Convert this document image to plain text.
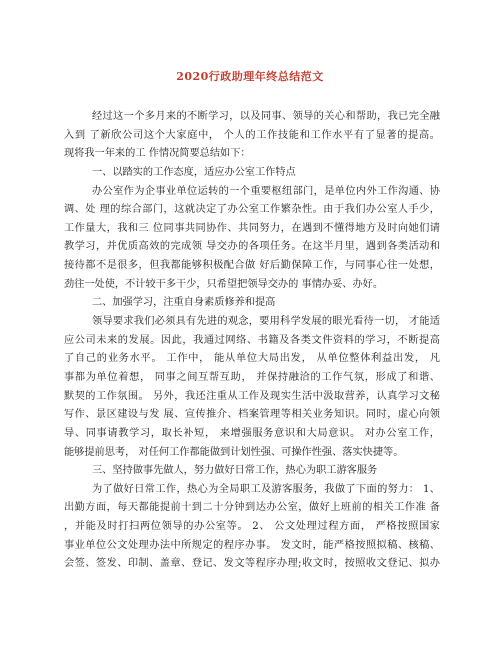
2020行政助理年终总结范文
经过这一个多月来的不断学习，以及同事、领导的关心和帮助，我已完全融
入到 了新欣公司这个大家庭中， 个人的工作技能和工作水平有了显著的提高。
现将我一年来的工 作情况简要总结如下：
一、以踏实的工作态度，适应办公室工作特点
办公室作为企事业单位运转的一个重要枢纽部门，是单位内外工作沟通、协
调、处 理的综合部门，这就决定了办公室工作繁杂性。由于我们办公室人手少，
工作量大，我和三 位同事共同协作、共同努力，在遇到不懂得地方及时向她们请
教学习，并优质高效的完成领 导交办的各项任务。在这半月里，遇到各类活动和
接待都不是很多，但我都能够积极配合做 好后勤保障工作，与同事心往一处想，
劲往一处使，不计较干多干少，只希望把领导交办的 事情办妥、办好。
二、加强学习，注重自身素质修养和提高
领导要求我们必须具有先进的观念，要用科学发展的眼光看待一切， 才能适
应公司未来的发展。因此，我通过网络、书籍及各类文件资料的学习，不断提高
了自己的业务水平。 工作中， 能从单位大局出发， 从单位整体利益出发， 凡
事都为单位着想， 同事之间互帮互助， 并保持融洽的工作气氛，形成了和谐、
默契的工作氛围。 另外，我还注重从工作及现实生活中汲取营养，认真学习文秘
写作、景区建设与发 展、宣传推介、档案管理等相关业务知识。同时，虚心向领
导、同事请教学习，取长补短， 来增强服务意识和大局意识。 对办公室工作，
能够提前思考， 对任何工作都能做到计划性强、可操作性强、落实快捷等。
三、坚持做事先做人，努力做好日常工作，热心为职工游客服务
为了做好日常工作，热心为全局职工及游客服务，我做了下面的努力： 1、
出勤方面，每天都能提前十到二十分钟到达办公室，做好上班前的相关工作准 备
，并能及时打扫两位领导的办公室等。 2、 公文处理过程方面， 严格按照国家
事业单位公文处理办法中所规定的程序办事。 发文时，能严格按照拟稿、核稿、
会签、签发、印制、盖章、登记、发文等程序办理;收文时，按照收文登记、拟办
